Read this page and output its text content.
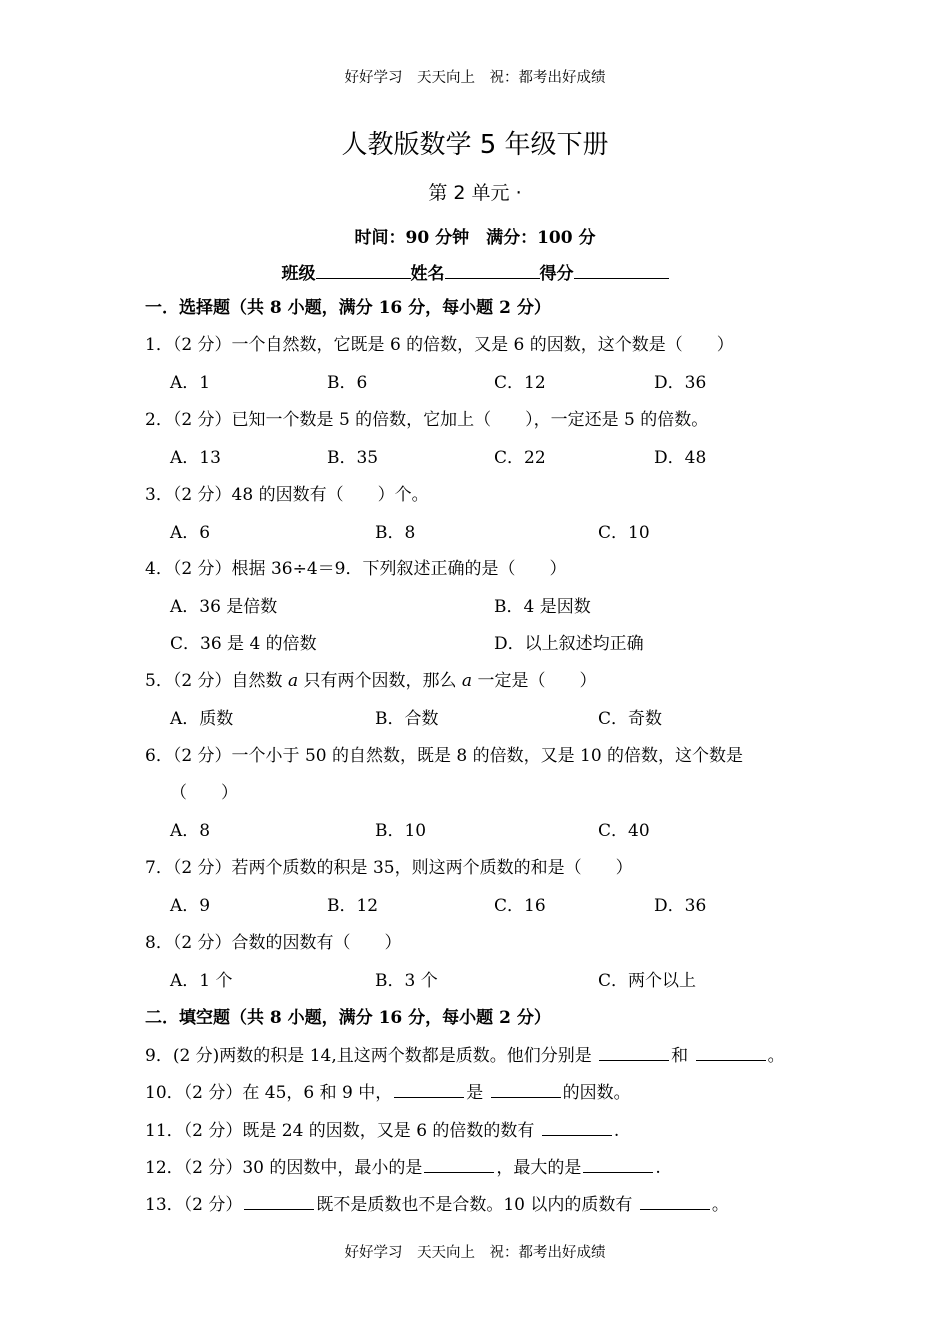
好好学习　天天向上　祝：都考出好成绩
人教版数学 5 年级下册
第 2 单元 ·
时间：90 分钟　满分：100 分
班级	姓名	得分
一．选择题（共 8 小题，满分 16 分，每小题 2 分）
1．（2 分）一个自然数，它既是 6 的倍数，又是 6 的因数，这个数是（　　）
A．1	B．6	C．12	D．36
2．（2 分）已知一个数是 5 的倍数，它加上（　　），一定还是 5 的倍数。
A．13	B．35	C．22	D．48
3．（2 分）48 的因数有（　　）个。
A．6	B．8	C．10
4．（2 分）根据 36÷4＝9．下列叙述正确的是（　　）
A．36 是倍数	B．4 是因数
C．36 是 4 的倍数	D．以上叙述均正确
5．（2 分）自然数 a 只有两个因数，那么 a 一定是（　　）
A．质数	B．合数	C．奇数
6．（2 分）一个小于 50 的自然数，既是 8 的倍数，又是 10 的倍数，这个数是
（　　）
A．8	B．10	C．40
7．（2 分）若两个质数的积是 35，则这两个质数的和是（　　）
A．9	B．12	C．16	D．36
8．（2 分）合数的因数有（　　）
A．1 个	B．3 个	C．两个以上
二．填空题（共 8 小题，满分 16 分，每小题 2 分）
9．(2 分)两数的积是 14,且这两个数都是质数。他们分别是	和	。
10．（2 分）在 45，6 和 9 中，	是	的因数。
11．（2 分）既是 24 的因数，又是 6 的倍数的数有	.
12．（2 分）30 的因数中，最小的是	，最大的是	.
13．（2 分）	既不是质数也不是合数。10 以内的质数有	。
好好学习　天天向上　祝：都考出好成绩
